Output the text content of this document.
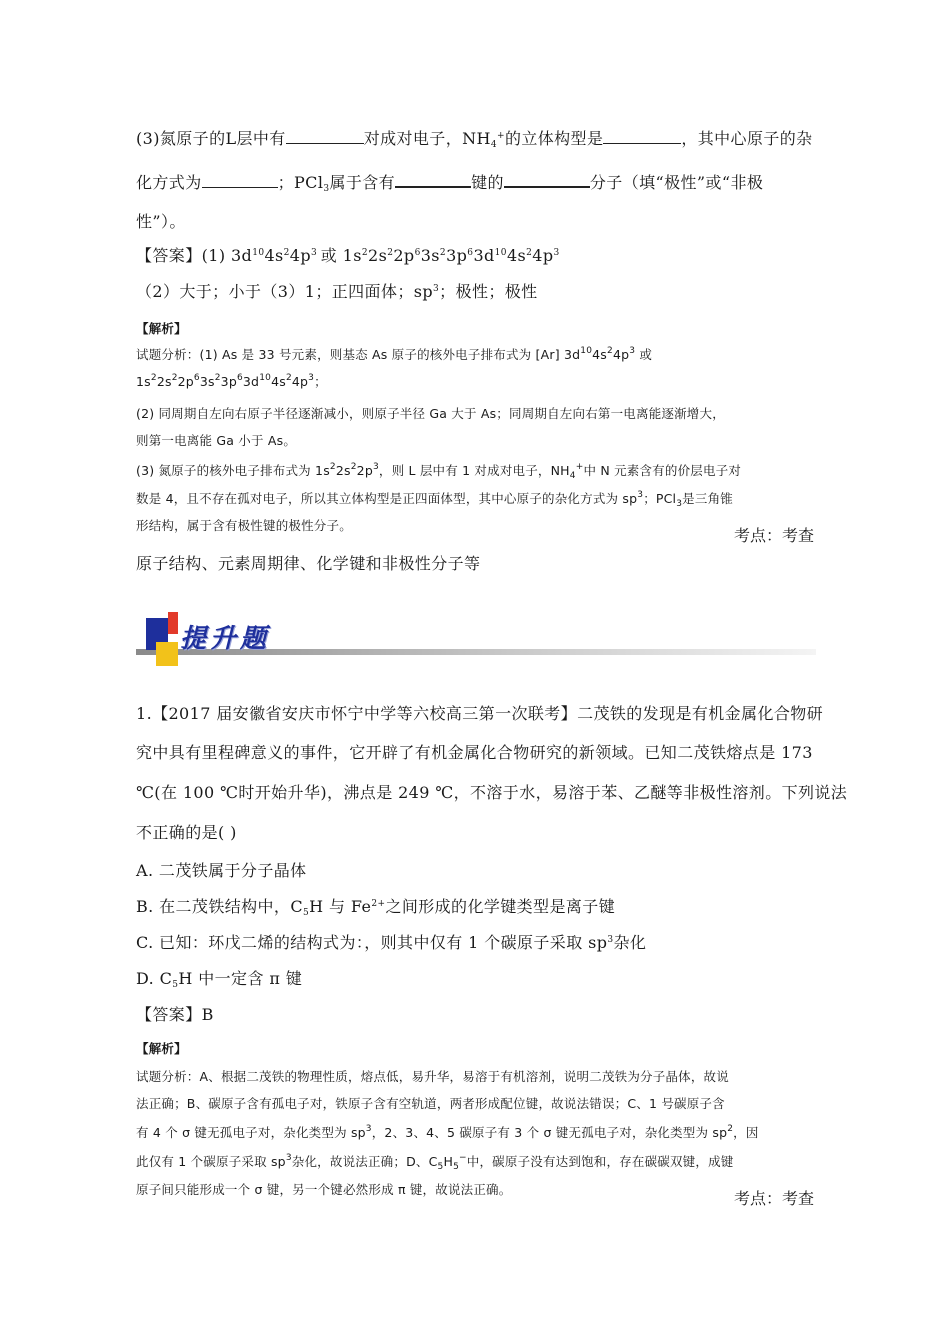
(3)氮原子的L层中有	对成对电子，$NH_4^+$的立体构型是	，其中心原子的杂
化方式为	；PCl$_3$属于含有	键的	分子（填“极性”或“非极
性”）。
【答案】(1) $3d^{10}4s^24p^3$  或 $1s^22s^22p^63s^23p^63d^{10}4s^24p^3$
（2）大于；小于（3）1；正四面体；$sp^3$；极性；极性
【解析】
试题分析：(1) As 是 33 号元素，则基态 As 原子的核外电子排布式为 [Ar] $3d^{10}4s^24p^3$ 或
$1s^22s^22p^63s^23p^63d^{10}4s^24p^3$；
(2) 同周期自左向右原子半径逐渐减小，则原子半径 Ga 大于 As；同周期自左向右第一电离能逐渐增大，
则第一电离能 Ga 小于 As。
(3) 氮原子的核外电子排布式为 $1s^22s^22p^3$，则 L 层中有 1 对成对电子，$NH_4^+$中 N 元素含有的价层电子对
数是 4，且不存在孤对电子，所以其立体构型是正四面体型，其中心原子的杂化方式为 $sp^3$；PCl$_3$是三角锥
形结构，属于含有极性键的极性分子。
考点：考查
原子结构、元素周期律、化学键和非极性分子等
提升题
1.【2017 届安徽省安庆市怀宁中学等六校高三第一次联考】二茂铁的发现是有机金属化合物研
究中具有里程碑意义的事件，它开辟了有机金属化合物研究的新领域。已知二茂铁熔点是 173
℃(在 100 ℃时开始升华)，沸点是 249 ℃，不溶于水，易溶于苯、乙醚等非极性溶剂。下列说法
不正确的是( )
A. 二茂铁属于分子晶体
B. 在二茂铁结构中，$C_5H$ 与 $Fe^{2+}$之间形成的化学键类型是离子键
C. 已知：环戊二烯的结构式为：，则其中仅有 1 个碳原子采取 $sp^3$杂化
D. $C_5H$ 中一定含 π 键
【答案】B
【解析】
试题分析：A、根据二茂铁的物理性质，熔点低，易升华，易溶于有机溶剂，说明二茂铁为分子晶体，故说
法正确；B、碳原子含有孤电子对，铁原子含有空轨道，两者形成配位键，故说法错误；C、1 号碳原子含
有 4 个 σ 键无孤电子对，杂化类型为 $sp^3$，2、3、4、5 碳原子有 3 个 σ 键无孤电子对，杂化类型为 $sp^2$，因
此仅有 1 个碳原子采取 $sp^3$杂化，故说法正确；D、$C_5H_5^-$中，碳原子没有达到饱和，存在碳碳双键，成键
原子间只能形成一个 σ 键，另一个键必然形成 π 键，故说法正确。	考点：考查
